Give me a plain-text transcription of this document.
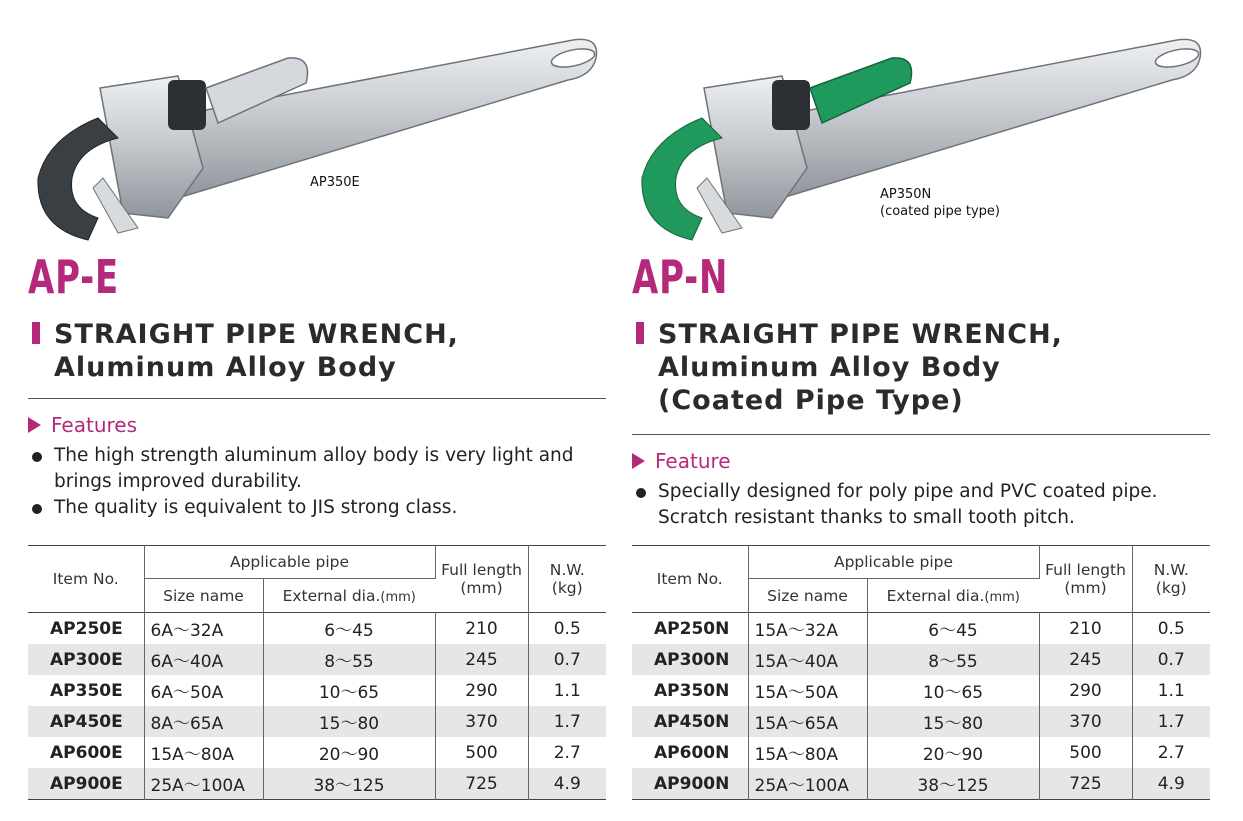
AP350E
AP-E
STRAIGHT PIPE WRENCH,
Aluminum Alloy Body
Features
The high strength aluminum alloy body is very light and brings improved durability.
The quality is equivalent to JIS strong class.
Item No.	Applicable pipe		Full length
(mm)	N.W.
(kg)
	Size name	External dia.(mm)		
AP250E	6A～32A	6～45	210	0.5
AP300E	6A～40A	8～55	245	0.7
AP350E	6A～50A	10～65	290	1.1
AP450E	8A～65A	15～80	370	1.7
AP600E	15A～80A	20～90	500	2.7
AP900E	25A～100A	38～125	725	4.9
AP350N
(coated pipe type)
AP-N
STRAIGHT PIPE WRENCH,
Aluminum Alloy Body
(Coated Pipe Type)
Feature
Specially designed for poly pipe and PVC coated pipe. Scratch resistant thanks to small tooth pitch.
Item No.	Applicable pipe		Full length
(mm)	N.W.
(kg)
	Size name	External dia.(mm)		
AP250N	15A～32A	6～45	210	0.5
AP300N	15A～40A	8～55	245	0.7
AP350N	15A～50A	10～65	290	1.1
AP450N	15A～65A	15～80	370	1.7
AP600N	15A～80A	20～90	500	2.7
AP900N	25A～100A	38～125	725	4.9
